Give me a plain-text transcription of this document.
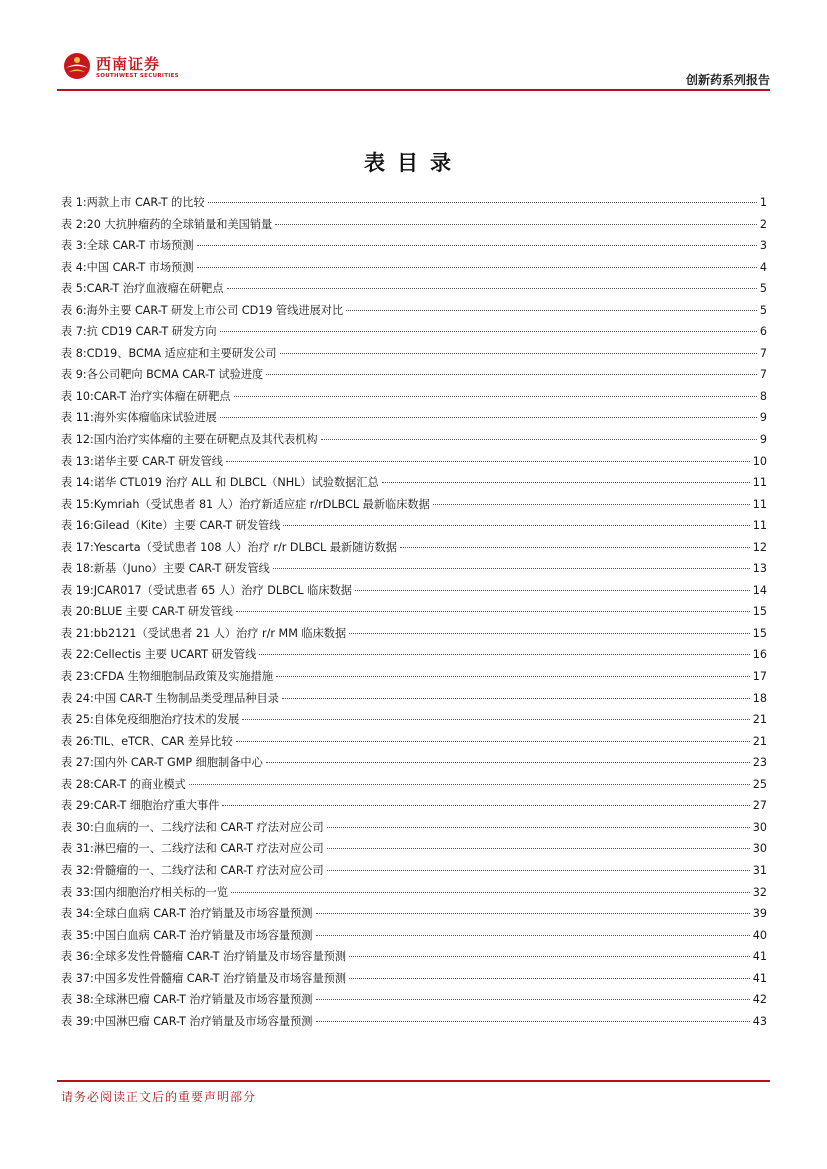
西南证券
SOUTHWEST SECURITIES	创新药系列报告
表目录
表 1: 两款上市 CAR-T 的比较	1
表 2: 20 大抗肿瘤药的全球销量和美国销量	2
表 3: 全球 CAR-T 市场预测	3
表 4: 中国 CAR-T 市场预测	4
表 5: CAR-T 治疗血液瘤在研靶点	5
表 6: 海外主要 CAR-T 研发上市公司 CD19 管线进展对比	5
表 7: 抗 CD19 CAR-T 研发方向	6
表 8: CD19、BCMA 适应症和主要研发公司	7
表 9: 各公司靶向 BCMA CAR-T 试验进度	7
表 10: CAR-T 治疗实体瘤在研靶点	8
表 11: 海外实体瘤临床试验进展	9
表 12: 国内治疗实体瘤的主要在研靶点及其代表机构	9
表 13: 诺华主要 CAR-T 研发管线	10
表 14: 诺华 CTL019 治疗 ALL 和 DLBCL（NHL）试验数据汇总	11
表 15: Kymriah（受试患者 81 人）治疗新适应症 r/rDLBCL 最新临床数据	11
表 16: Gilead（Kite）主要 CAR-T 研发管线	11
表 17: Yescarta（受试患者 108 人）治疗 r/r DLBCL 最新随访数据	12
表 18: 新基（Juno）主要 CAR-T 研发管线	13
表 19: JCAR017（受试患者 65 人）治疗 DLBCL 临床数据	14
表 20: BLUE 主要 CAR-T 研发管线	15
表 21: bb2121（受试患者 21 人）治疗 r/r MM 临床数据	15
表 22: Cellectis 主要 UCART 研发管线	16
表 23: CFDA 生物细胞制品政策及实施措施	17
表 24: 中国 CAR-T 生物制品类受理品种目录	18
表 25: 自体免疫细胞治疗技术的发展	21
表 26: TIL、eTCR、CAR 差异比较	21
表 27: 国内外 CAR-T GMP 细胞制备中心	23
表 28: CAR-T 的商业模式	25
表 29: CAR-T 细胞治疗重大事件	27
表 30: 白血病的一、二线疗法和 CAR-T 疗法对应公司	30
表 31: 淋巴瘤的一、二线疗法和 CAR-T 疗法对应公司	30
表 32: 骨髓瘤的一、二线疗法和 CAR-T 疗法对应公司	31
表 33: 国内细胞治疗相关标的一览	32
表 34: 全球白血病 CAR-T 治疗销量及市场容量预测	39
表 35: 中国白血病 CAR-T 治疗销量及市场容量预测	40
表 36: 全球多发性骨髓瘤 CAR-T 治疗销量及市场容量预测	41
表 37: 中国多发性骨髓瘤 CAR-T 治疗销量及市场容量预测	41
表 38: 全球淋巴瘤 CAR-T 治疗销量及市场容量预测	42
表 39: 中国淋巴瘤 CAR-T 治疗销量及市场容量预测	43
请务必阅读正文后的重要声明部分
